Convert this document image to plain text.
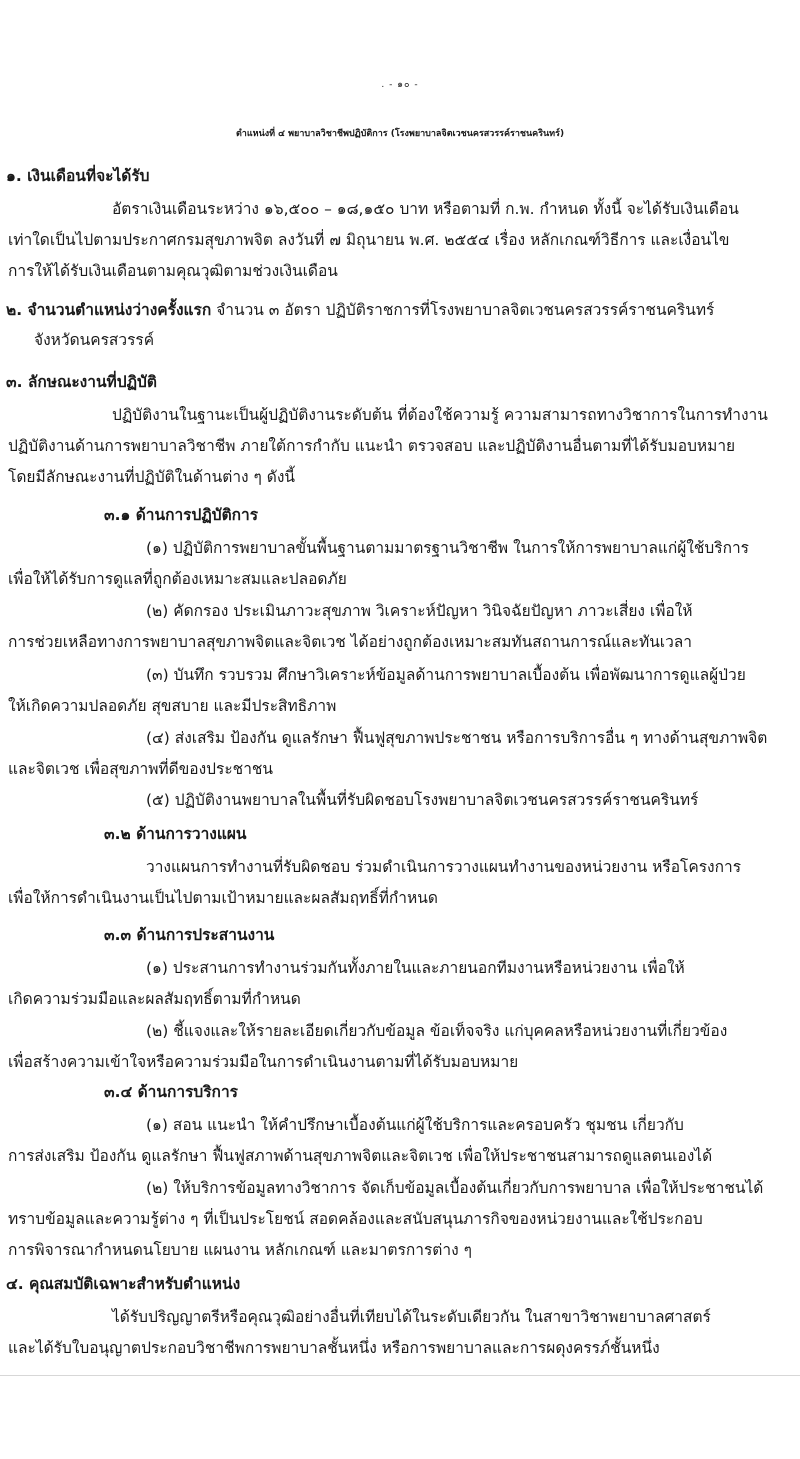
. - ๑๐ -
ตำแหน่งที่ ๔ พยาบาลวิชาชีพปฏิบัติการ (โรงพยาบาลจิตเวชนครสวรรค์ราชนครินทร์)
๑. เงินเดือนที่จะได้รับ
อัตราเงินเดือนระหว่าง ๑๖,๕๐๐ – ๑๘,๑๕๐ บาท หรือตามที่ ก.พ. กำหนด ทั้งนี้ จะได้รับเงินเดือน
เท่าใดเป็นไปตามประกาศกรมสุขภาพจิต ลงวันที่ ๗ มิถุนายน พ.ศ. ๒๕๕๔ เรื่อง หลักเกณฑ์วิธีการ และเงื่อนไข
การให้ได้รับเงินเดือนตามคุณวุฒิตามช่วงเงินเดือน
๒. จำนวนตำแหน่งว่างครั้งแรก จำนวน ๓ อัตรา ปฏิบัติราชการที่โรงพยาบาลจิตเวชนครสวรรค์ราชนครินทร์
จังหวัดนครสวรรค์
๓. ลักษณะงานที่ปฏิบัติ
ปฏิบัติงานในฐานะเป็นผู้ปฏิบัติงานระดับต้น ที่ต้องใช้ความรู้ ความสามารถทางวิชาการในการทำงาน
ปฏิบัติงานด้านการพยาบาลวิชาชีพ ภายใต้การกำกับ แนะนำ ตรวจสอบ และปฏิบัติงานอื่นตามที่ได้รับมอบหมาย
โดยมีลักษณะงานที่ปฏิบัติในด้านต่าง ๆ ดังนี้
๓.๑ ด้านการปฏิบัติการ
(๑) ปฏิบัติการพยาบาลขั้นพื้นฐานตามมาตรฐานวิชาชีพ ในการให้การพยาบาลแก่ผู้ใช้บริการ
เพื่อให้ได้รับการดูแลที่ถูกต้องเหมาะสมและปลอดภัย
(๒) คัดกรอง ประเมินภาวะสุขภาพ วิเคราะห์ปัญหา วินิจฉัยปัญหา ภาวะเสี่ยง เพื่อให้
การช่วยเหลือทางการพยาบาลสุขภาพจิตและจิตเวช ได้อย่างถูกต้องเหมาะสมทันสถานการณ์และทันเวลา
(๓) บันทึก รวบรวม ศึกษาวิเคราะห์ข้อมูลด้านการพยาบาลเบื้องต้น เพื่อพัฒนาการดูแลผู้ป่วย
ให้เกิดความปลอดภัย สุขสบาย และมีประสิทธิภาพ
(๔) ส่งเสริม ป้องกัน ดูแลรักษา ฟื้นฟูสุขภาพประชาชน หรือการบริการอื่น ๆ ทางด้านสุขภาพจิต
และจิตเวช เพื่อสุขภาพที่ดีของประชาชน
(๕) ปฏิบัติงานพยาบาลในพื้นที่รับผิดชอบโรงพยาบาลจิตเวชนครสวรรค์ราชนครินทร์
๓.๒ ด้านการวางแผน
วางแผนการทำงานที่รับผิดชอบ ร่วมดำเนินการวางแผนทำงานของหน่วยงาน หรือโครงการ
เพื่อให้การดำเนินงานเป็นไปตามเป้าหมายและผลสัมฤทธิ์ที่กำหนด
๓.๓ ด้านการประสานงาน
(๑) ประสานการทำงานร่วมกันทั้งภายในและภายนอกทีมงานหรือหน่วยงาน เพื่อให้
เกิดความร่วมมือและผลสัมฤทธิ์ตามที่กำหนด
(๒) ชี้แจงและให้รายละเอียดเกี่ยวกับข้อมูล ข้อเท็จจริง แก่บุคคลหรือหน่วยงานที่เกี่ยวข้อง
เพื่อสร้างความเข้าใจหรือความร่วมมือในการดำเนินงานตามที่ได้รับมอบหมาย
๓.๔ ด้านการบริการ
(๑) สอน แนะนำ ให้คำปรึกษาเบื้องต้นแก่ผู้ใช้บริการและครอบครัว ชุมชน เกี่ยวกับ
การส่งเสริม ป้องกัน ดูแลรักษา ฟื้นฟูสภาพด้านสุขภาพจิตและจิตเวช เพื่อให้ประชาชนสามารถดูแลตนเองได้
(๒) ให้บริการข้อมูลทางวิชาการ จัดเก็บข้อมูลเบื้องต้นเกี่ยวกับการพยาบาล เพื่อให้ประชาชนได้
ทราบข้อมูลและความรู้ต่าง ๆ ที่เป็นประโยชน์ สอดคล้องและสนับสนุนภารกิจของหน่วยงานและใช้ประกอบ
การพิจารณากำหนดนโยบาย แผนงาน หลักเกณฑ์ และมาตรการต่าง ๆ
๔. คุณสมบัติเฉพาะสำหรับตำแหน่ง
ได้รับปริญญาตรีหรือคุณวุฒิอย่างอื่นที่เทียบได้ในระดับเดียวกัน ในสาขาวิชาพยาบาลศาสตร์
และได้รับใบอนุญาตประกอบวิชาชีพการพยาบาลชั้นหนึ่ง หรือการพยาบาลและการผดุงครรภ์ชั้นหนึ่ง
